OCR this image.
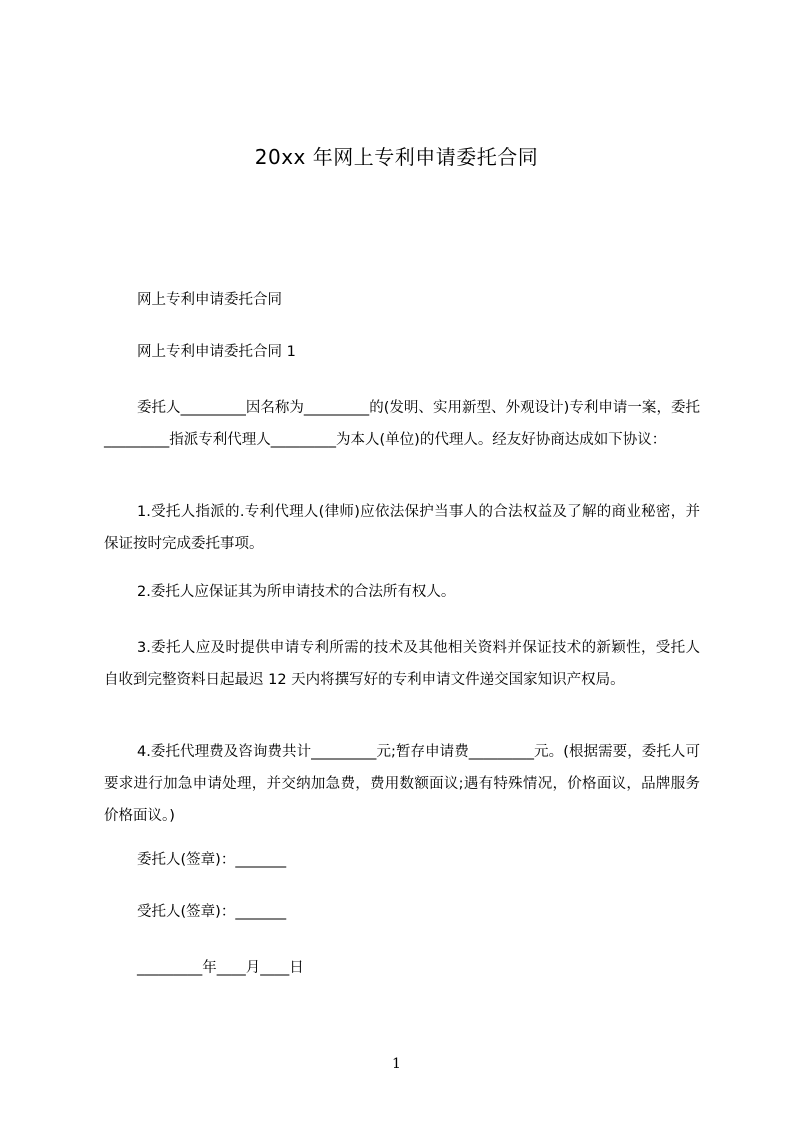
20xx 年网上专利申请委托合同

网上专利申请委托合同

网上专利申请委托合同 1

委托人_________因名称为_________的(发明、实用新型、外观设计)专利申请一案，委托_________指派专利代理人_________为本人(单位)的代理人。经友好协商达成如下协议：

1.受托人指派的.专利代理人(律师)应依法保护当事人的合法权益及了解的商业秘密，并保证按时完成委托事项。

2.委托人应保证其为所申请技术的合法所有权人。

3.委托人应及时提供申请专利所需的技术及其他相关资料并保证技术的新颖性，受托人自收到完整资料日起最迟 12 天内将撰写好的专利申请文件递交国家知识产权局。

4.委托代理费及咨询费共计_________元;暂存申请费_________元。(根据需要，委托人可要求进行加急申请处理，并交纳加急费，费用数额面议;遇有特殊情况，价格面议，品牌服务价格面议。)

委托人(签章)：_______

受托人(签章)：_______

_________年____月____日

1
